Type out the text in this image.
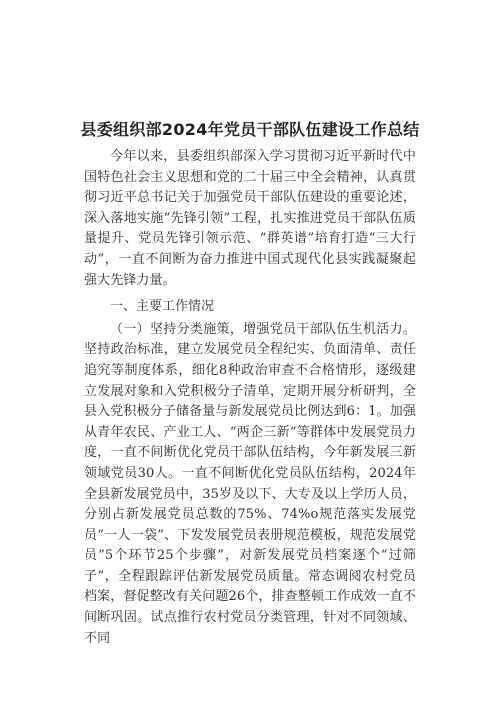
县委组织部2024年党员干部队伍建设工作总结

今年以来，县委组织部深入学习贯彻习近平新时代中国特色社会主义思想和党的二十届三中全会精神，认真贯彻习近平总书记关于加强党员干部队伍建设的重要论述，深入落地实施“先锋引领”工程，扎实推进党员干部队伍质量提升、党员先锋引领示范、“群英谱”培育打造“三大行动”，一直不间断为奋力推进中国式现代化县实践凝聚起强大先锋力量。

一、主要工作情况

（一）坚持分类施策，增强党员干部队伍生机活力。坚持政治标准，建立发展党员全程纪实、负面清单、责任追究等制度体系，细化8种政治审查不合格情形，逐级建立发展对象和入党积极分子清单，定期开展分析研判，全县入党积极分子储备量与新发展党员比例达到6：1。加强从青年农民、产业工人、“两企三新”等群体中发展党员力度，一直不间断优化党员干部队伍结构，今年新发展三新领域党员30人。一直不间断优化党员队伍结构，2024年全县新发展党员中，35岁及以下、大专及以上学历人员，分别占新发展党员总数的75%、74%o规范落实发展党员“一人一袋”、下发发展党员表册规范模板，规范发展党员”5个环节25个步骤”，对新发展党员档案逐个“过筛子”，全程跟踪评估新发展党员质量。常态调阅农村党员档案，督促整改有关问题26个，排查整顿工作成效一直不间断巩固。试点推行农村党员分类管理，针对不同领域、不同
